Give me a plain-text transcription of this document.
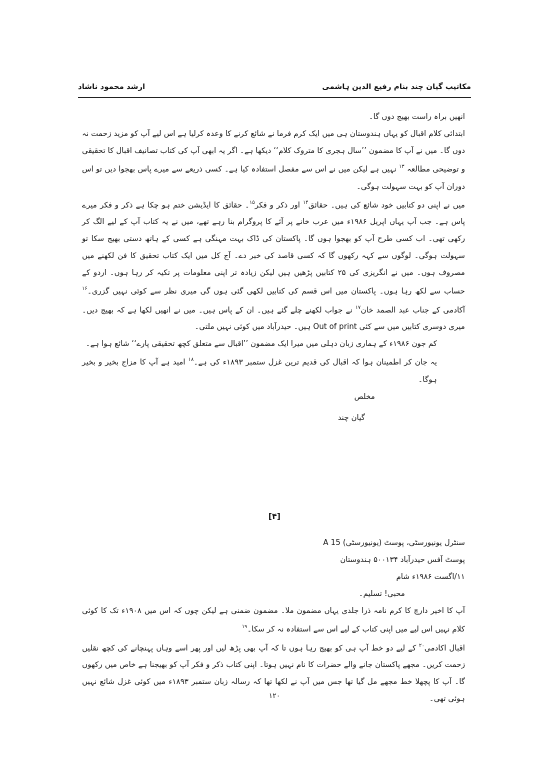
ارشد محمود ناشاد	مکاتیب گیان چند بنام رفیع الدین ہاشمی

انھیں براہ راست بھیج دوں گا۔

ابتدائی کلام اقبال کو یہاں ہندوستان ہی میں ایک کرم فرما نے شائع کرنے کا وعدہ کرلیا ہے اس لیے آپ کو مزید زحمت نہ دوں گا۔ میں نے آپ کا مضمون ’’سال ہجری کا متروک کلام‘‘ دیکھا ہے۔ اگر یہ ابھی آپ کی کتاب تصانیف اقبال کا تحقیقی و توضیحی مطالعہ $^{۱۳}$ نہیں ہے لیکن میں نے اس سے مفصل استفادہ کیا ہے۔ کسی ذریعے سے میرے پاس بھجوا دیں تو اس دوران آپ کو بہت سہولت ہوگی۔

میں نے اپنی دو کتابیں خود شائع کی ہیں۔ حقائق$^{۱۴}$ اور ذکر و فکر$^{۱۵}$۔ حقائق کا ایڈیشن ختم ہو چکا ہے ذکر و فکر میرے پاس ہے۔ جب آپ یہاں اپریل ۱۹۸۶ء میں عرب خانے پر آئے کا پروگرام بنا رہے تھے، میں نے یہ کتاب آپ کے لیے الگ کر رکھی تھی۔ اب کسی طرح آپ کو بھجوا ہوں گا۔ پاکستان کی ڈاک بہت مہنگی ہے کسی کے ہاتھ دستی بھیج سکا تو سہولت ہوگی۔ لوگوں سے کہہ رکھوں گا کہ کسی قاصد کی خبر دے۔ آج کل میں ایک کتاب تحقیق کا فن لکھنے میں مصروف ہوں۔ میں نے انگریزی کی ۲۵ کتابیں پڑھیں ہیں لیکن زیادہ تر اپنی معلومات پر تکیہ کر رہا ہوں۔ اردو کے حساب سے لکھ رہا ہوں۔ پاکستان میں اس قسم کی کتابیں لکھی گئی ہوں گی میری نظر سے کوئی نہیں گزری۔$^{۱۶}$ آکادمی کے جناب عبد الصمد خان$^{۱۷}$ نے جواب لکھنے چلے گئے ہیں۔ ان کے پاس ہیں۔ میں نے انھیں لکھا ہے کہ بھیج دیں۔ میری دوسری کتابیں میں سے کئی Out of print ہیں۔ حیدرآباد میں کوئی نہیں ملتی۔

کم جون ۱۹۸۶ء کے ہماری زبان دہلی میں میرا ایک مضمون ’’اقبال سے متعلق کچھ تحقیقی پارے‘‘ شائع ہوا ہے۔

یہ جان کر اطمینان ہوا کہ اقبال کی قدیم ترین غزل ستمبر ۱۸۹۳ء کی ہے۔$^{۱۸}$ امید ہے آپ کا مزاج بخیر و بخیر ہوگا۔

مخلص

گیان چند

[۴]

سنٹرل یونیورسٹی، پوسٹ (یونیورسٹی) A 15

پوسٹ آفس حیدرآباد ۵۰۰۱۳۴ ہندوستان

۱۱/اگست ۱۹۸۶ء شام

محبی! تسلیم۔

آپ کا اخیر دارچ کا کرم نامہ ذرا جلدی یہاں مضمون ملا۔ مضمون ضمنی ہے لیکن چوں کہ اس میں ۱۹۰۸ء تک کا کوئی کلام نہیں اس لیے میں اپنی کتاب کے لیے اس سے استفادہ نہ کر سکا۔$^{۱۹}$

اقبال اکادمی$^{۲۰}$ کے لیے دو خط آپ ہی کو بھیج رہا ہوں تا کہ آپ بھی پڑھ لیں اور پھر اسے وہاں پہنچانے کی کچھ نقلیں زحمت کریں۔ مجھے پاکستان جانے والے حضرات کا نام نہیں ہوتا۔ اپنی کتاب ذکر و فکر آپ کو بھیجنا ہے خاص میں رکھوں گا۔ آپ کا پچھلا خط مجھے مل گیا تھا جس میں آپ نے لکھا تھا کہ رسالہ زبان ستمبر ۱۸۹۳ء میں کوئی غزل شائع نہیں ہوئی تھی۔

۱۲۰
